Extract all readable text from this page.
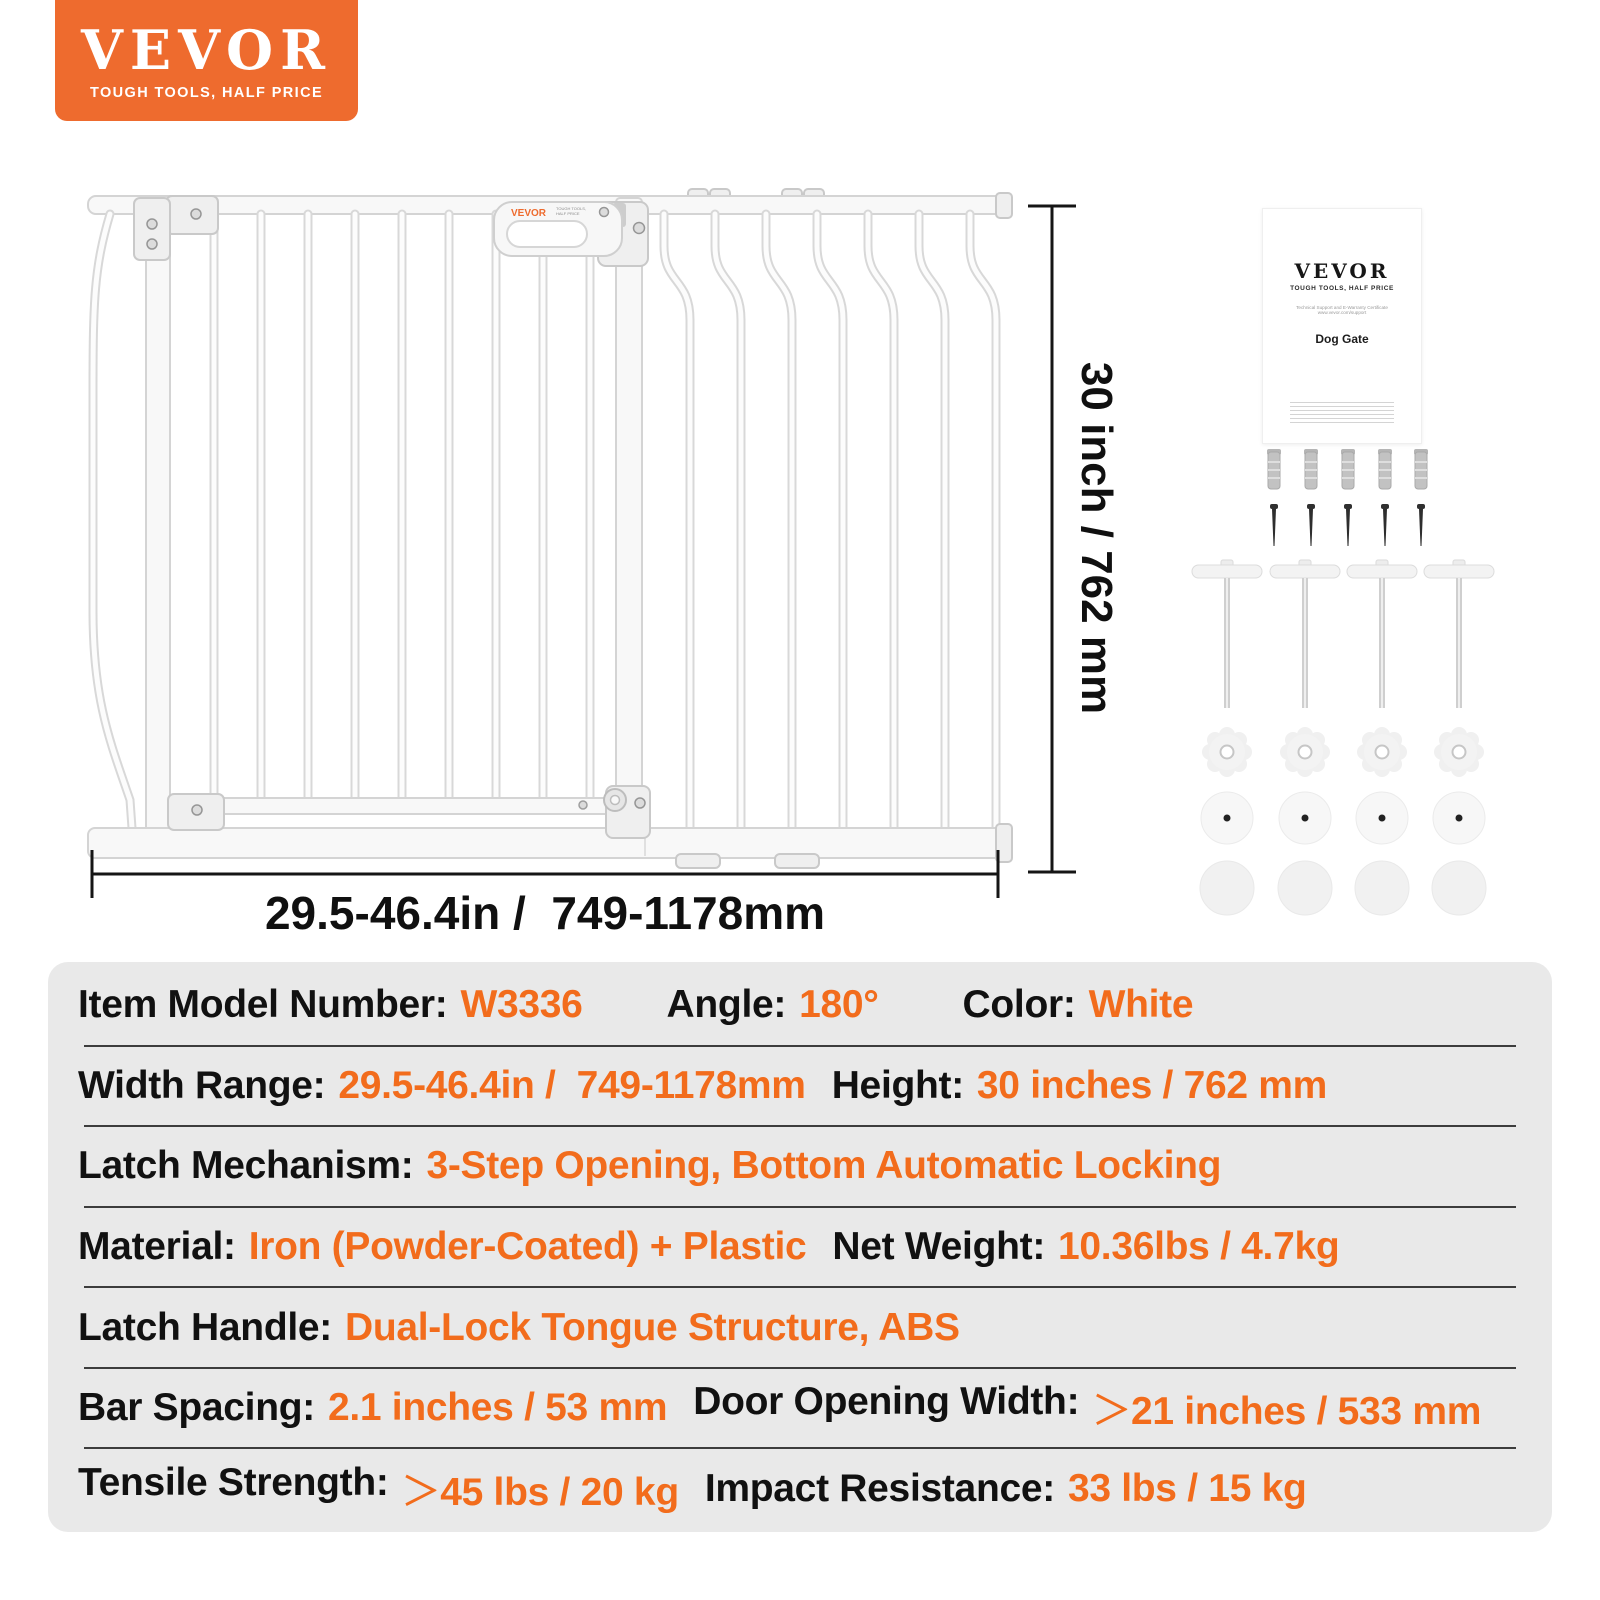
VEVOR
TOUGH TOOLS, HALF PRICE
VEVOR TOUGH TOOLS,
HALF PRICE
VEVOR
TOUGH TOOLS, HALF PRICE
Technical Support and E-Warranty Certificate www.vevor.com/support
Dog Gate
30 inch / 762 mm
29.5-46.4in /  749-1178mm
Item Model Number: W3336 Angle: 180° Color: White
Width Range: 29.5-46.4in /  749-1178mm Height: 30 inches / 762 mm
Latch Mechanism: 3-Step Opening, Bottom Automatic Locking
Material: Iron (Powder-Coated) + Plastic Net Weight: 10.36lbs / 4.7kg
Latch Handle: Dual-Lock Tongue Structure, ABS
Bar Spacing: 2.1 inches / 53 mm Door Opening Width: ＞21 inches / 533 mm
Tensile Strength: ＞45 lbs / 20 kg Impact Resistance: 33 lbs / 15 kg
